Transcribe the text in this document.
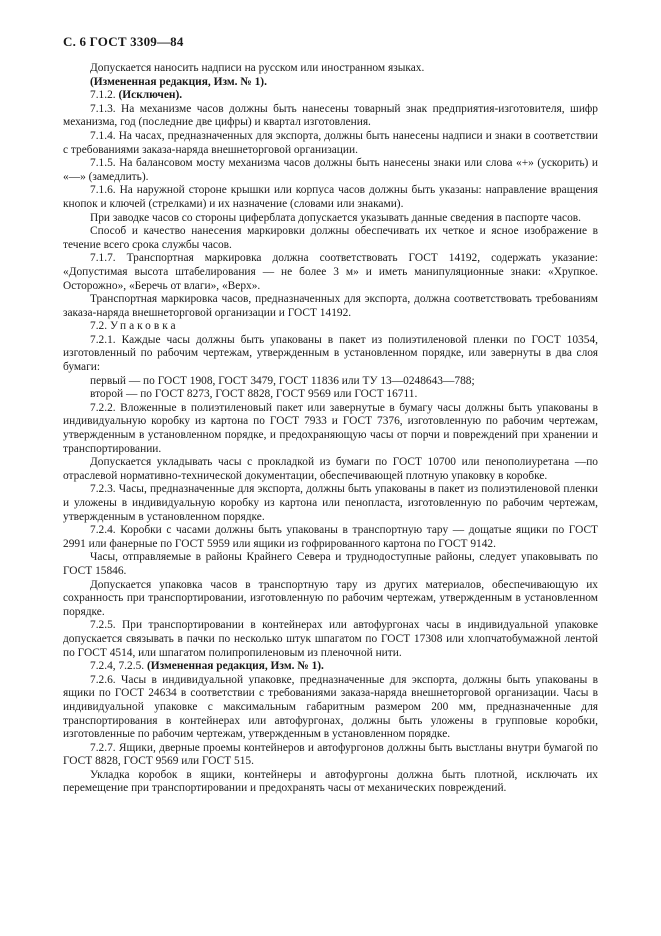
С. 6 ГОСТ 3309—84

Допускается наносить надписи на русском или иностранном языках.

(Измененная редакция, Изм. № 1).

7.1.2. (Исключен).

7.1.3. На механизме часов должны быть нанесены товарный знак предприятия-изготовителя, шифр механизма, год (последние две цифры) и квартал изготовления.

7.1.4. На часах, предназначенных для экспорта, должны быть нанесены надписи и знаки в соответствии с требованиями заказа-наряда внешнеторговой организации.

7.1.5. На балансовом мосту механизма часов должны быть нанесены знаки или слова «+» (ускорить) и «—» (замедлить).

7.1.6. На наружной стороне крышки или корпуса часов должны быть указаны: направление вращения кнопок и ключей (стрелками) и их назначение (словами или знаками).

При заводке часов со стороны циферблата допускается указывать данные сведения в паспорте часов.

Способ и качество нанесения маркировки должны обеспечивать их четкое и ясное изображение в течение всего срока службы часов.

7.1.7. Транспортная маркировка должна соответствовать ГОСТ 14192, содержать указание: «Допустимая высота штабелирования — не более 3 м» и иметь манипуляционные знаки: «Хрупкое. Осторожно», «Беречь от влаги», «Верх».

Транспортная маркировка часов, предназначенных для экспорта, должна соответствовать требованиям заказа-наряда внешнеторговой организации и ГОСТ 14192.

7.2. Упаковка

7.2.1. Каждые часы должны быть упакованы в пакет из полиэтиленовой пленки по ГОСТ 10354, изготовленный по рабочим чертежам, утвержденным в установленном порядке, или завернуты в два слоя бумаги:

первый — по ГОСТ 1908, ГОСТ 3479, ГОСТ 11836 или ТУ 13—0248643—788;

второй — по ГОСТ 8273, ГОСТ 8828, ГОСТ 9569 или ГОСТ 16711.

7.2.2. Вложенные в полиэтиленовый пакет или завернутые в бумагу часы должны быть упакованы в индивидуальную коробку из картона по ГОСТ 7933 и ГОСТ 7376, изготовленную по рабочим чертежам, утвержденным в установленном порядке, и предохраняющую часы от порчи и повреждений при хранении и транспортировании.

Допускается укладывать часы с прокладкой из бумаги по ГОСТ 10700 или пенополиуретана —по отраслевой нормативно-технической документации, обеспечивающей плотную упаковку в коробке.

7.2.3. Часы, предназначенные для экспорта, должны быть упакованы в пакет из полиэтиленовой пленки и уложены в индивидуальную коробку из картона или пенопласта, изготовленную по рабочим чертежам, утвержденным в установленном порядке.

7.2.4. Коробки с часами должны быть упакованы в транспортную тару — дощатые ящики по ГОСТ 2991 или фанерные по ГОСТ 5959 или ящики из гофрированного картона по ГОСТ 9142.

Часы, отправляемые в районы Крайнего Севера и труднодоступные районы, следует упаковывать по ГОСТ 15846.

Допускается упаковка часов в транспортную тару из других материалов, обеспечивающую их сохранность при транспортировании, изготовленную по рабочим чертежам, утвержденным в установленном порядке.

7.2.5. При транспортировании в контейнерах или автофургонах часы в индивидуальной упаковке допускается связывать в пачки по несколько штук шпагатом по ГОСТ 17308 или хлопчатобумажной лентой по ГОСТ 4514, или шпагатом полипропиленовым из пленочной нити.

7.2.4, 7.2.5. (Измененная редакция, Изм. № 1).

7.2.6. Часы в индивидуальной упаковке, предназначенные для экспорта, должны быть упакованы в ящики по ГОСТ 24634 в соответствии с требованиями заказа-наряда внешнеторговой организации. Часы в индивидуальной упаковке с максимальным габаритным размером 200 мм, предназначенные для транспортирования в контейнерах или автофургонах, должны быть уложены в групповые коробки, изготовленные по рабочим чертежам, утвержденным в установленном порядке.

7.2.7. Ящики, дверные проемы контейнеров и автофургонов должны быть выстланы внутри бумагой по ГОСТ 8828, ГОСТ 9569 или ГОСТ 515.

Укладка коробок в ящики, контейнеры и автофургоны должна быть плотной, исключать их перемещение при транспортировании и предохранять часы от механических повреждений.
